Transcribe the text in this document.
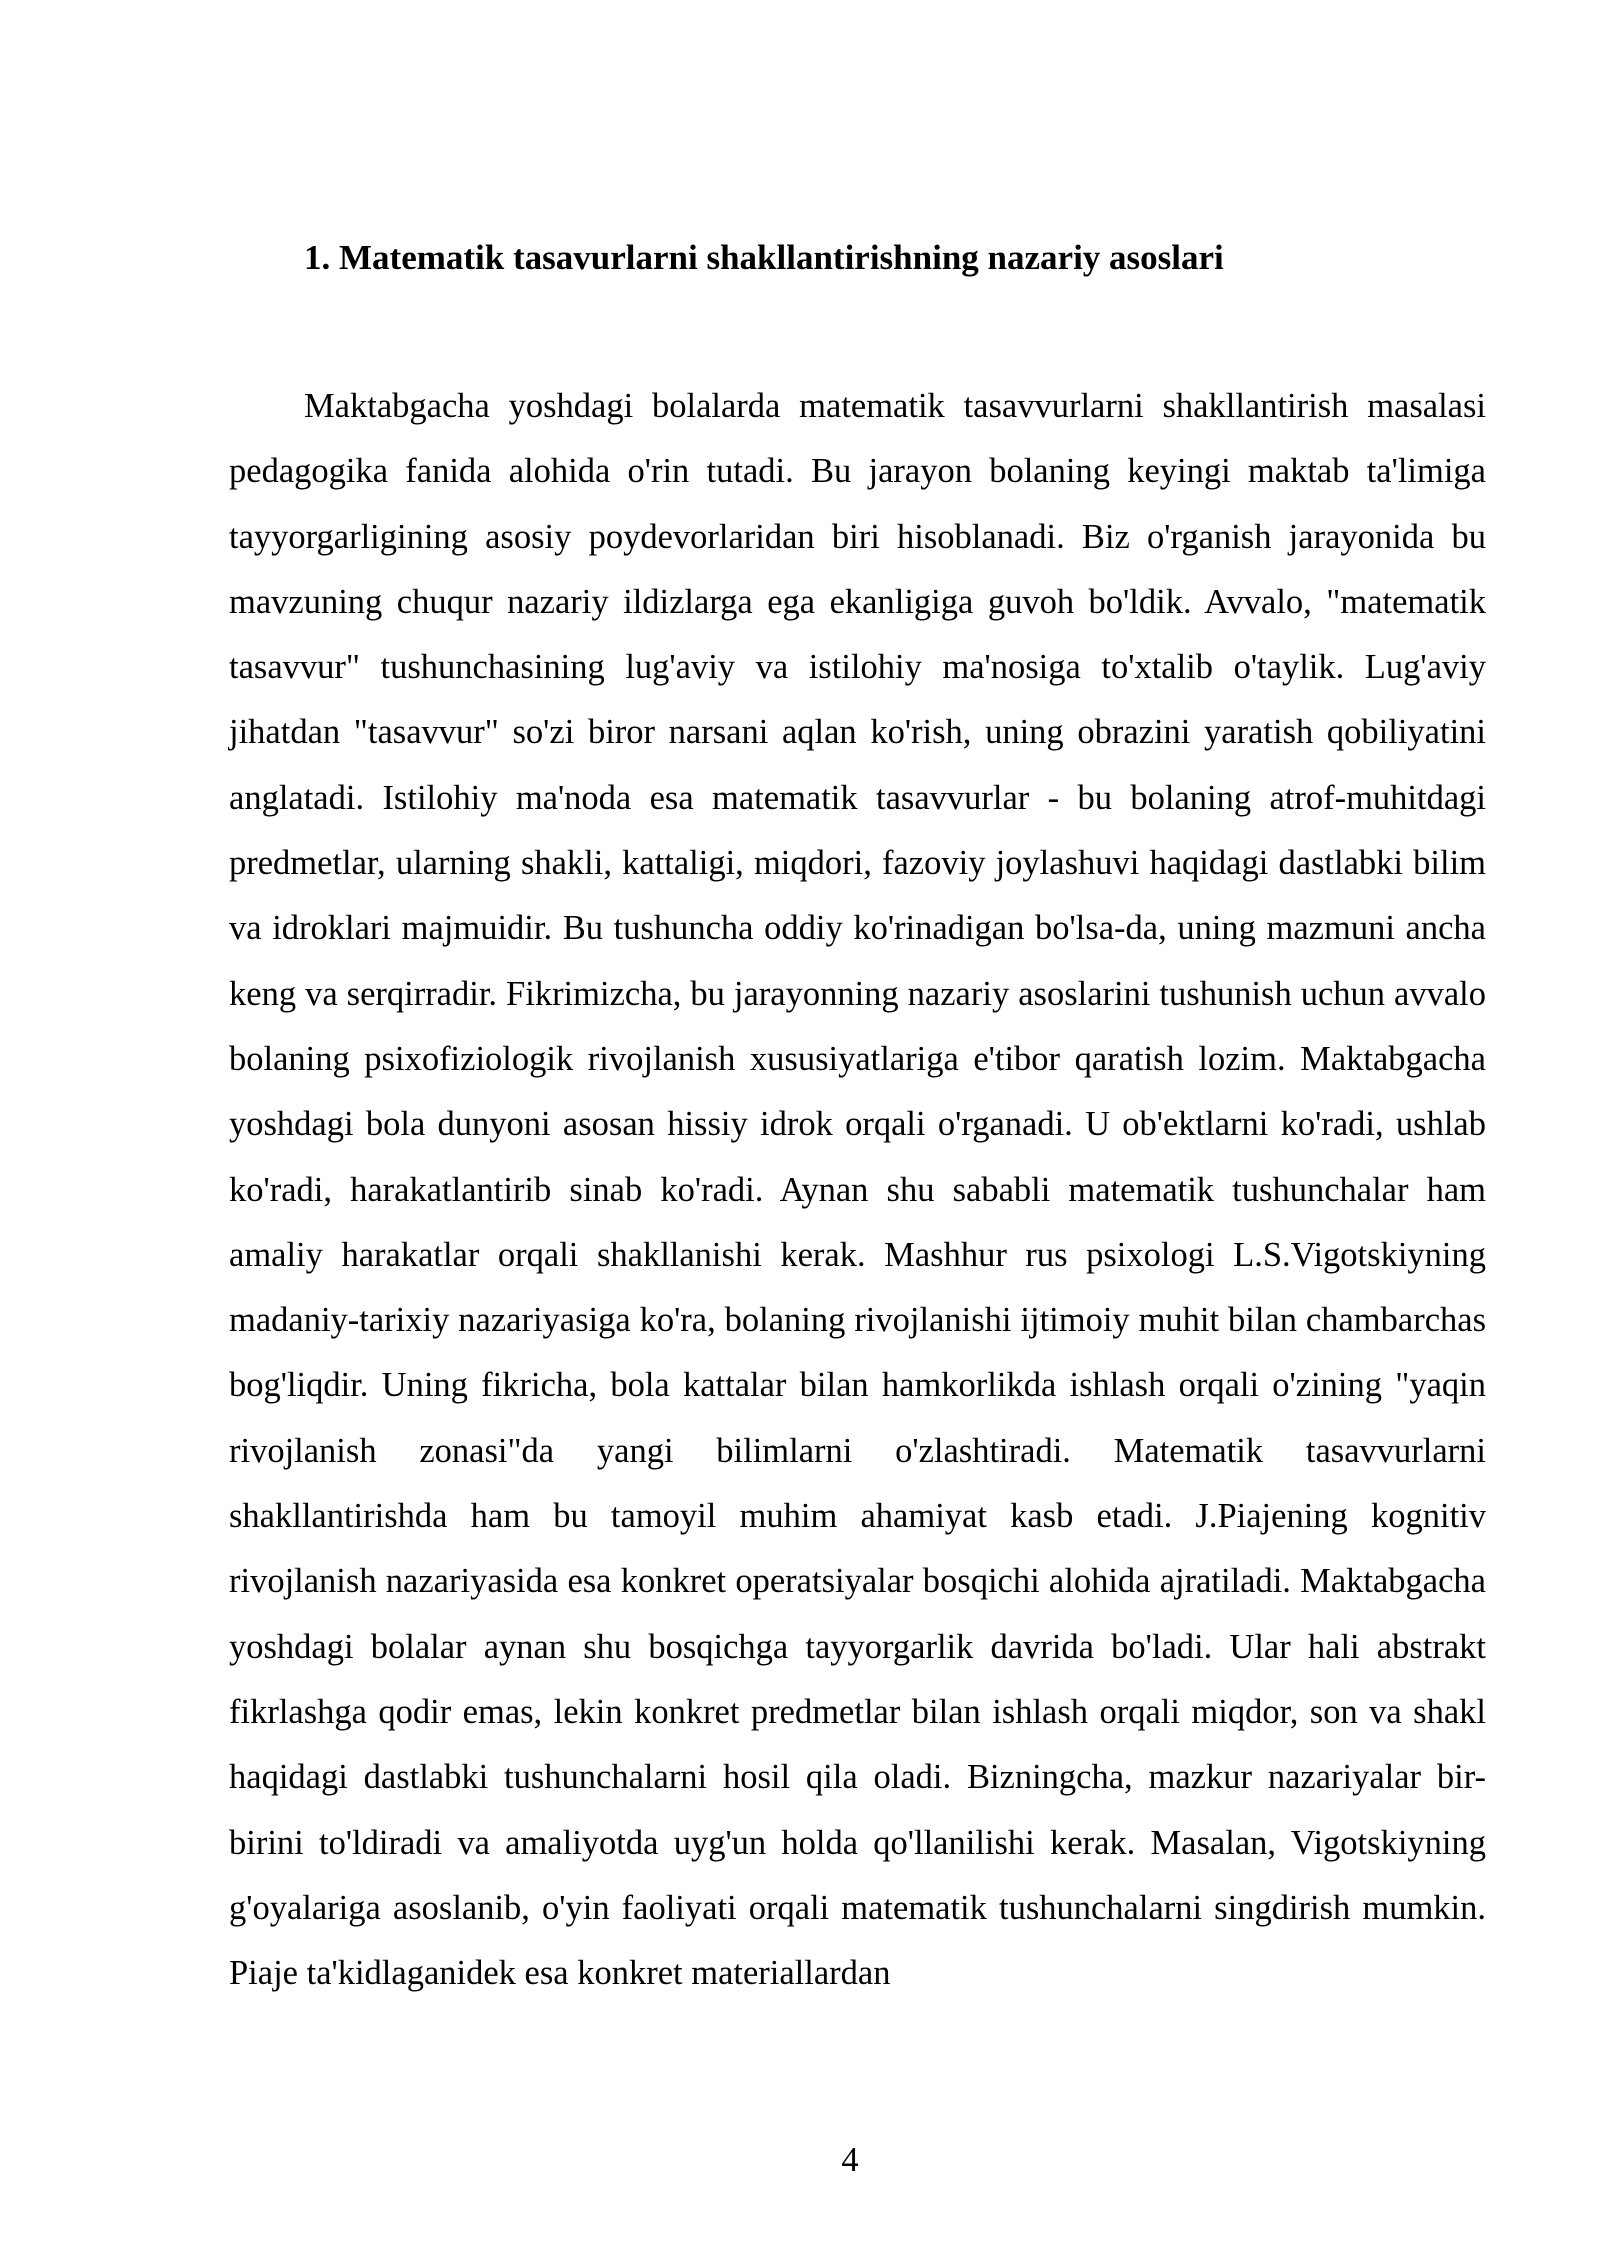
1. Matematik tasavurlarni shakllantirishning nazariy asoslari

Maktabgacha yoshdagi bolalarda matematik tasavvurlarni shakllantirish masalasi pedagogika fanida alohida o'rin tutadi. Bu jarayon bolaning keyingi maktab ta'limiga tayyorgarligining asosiy poydevorlaridan biri hisoblanadi. Biz o'rganish jarayonida bu mavzuning chuqur nazariy ildizlarga ega ekanligiga guvoh bo'ldik. Avvalo, "matematik tasavvur" tushunchasining lug'aviy va istilohiy ma'nosiga to'xtalib o'taylik. Lug'aviy jihatdan "tasavvur" so'zi biror narsani aqlan ko'rish, uning obrazini yaratish qobiliyatini anglatadi. Istilohiy ma'noda esa matematik tasavvurlar - bu bolaning atrof-muhitdagi predmetlar, ularning shakli, kattaligi, miqdori, fazoviy joylashuvi haqidagi dastlabki bilim va idroklari majmuidir. Bu tushuncha oddiy ko'rinadigan bo'lsa-da, uning mazmuni ancha keng va serqirradir. Fikrimizcha, bu jarayonning nazariy asoslarini tushunish uchun avvalo bolaning psixofiziologik rivojlanish xususiyatlariga e'tibor qaratish lozim. Maktabgacha yoshdagi bola dunyoni asosan hissiy idrok orqali o'rganadi. U ob'ektlarni ko'radi, ushlab ko'radi, harakatlantirib sinab ko'radi. Aynan shu sababli matematik tushunchalar ham amaliy harakatlar orqali shakllanishi kerak. Mashhur rus psixologi L.S.Vigotskiyning madaniy-tarixiy nazariyasiga ko'ra, bolaning rivojlanishi ijtimoiy muhit bilan chambarchas bog'liqdir. Uning fikricha, bola kattalar bilan hamkorlikda ishlash orqali o'zining "yaqin rivojlanish zonasi"da yangi bilimlarni o'zlashtiradi. Matematik tasavvurlarni shakllantirishda ham bu tamoyil muhim ahamiyat kasb etadi. J.Piajening kognitiv rivojlanish nazariyasida esa konkret operatsiyalar bosqichi alohida ajratiladi. Maktabgacha yoshdagi bolalar aynan shu bosqichga tayyorgarlik davrida bo'ladi. Ular hali abstrakt fikrlashga qodir emas, lekin konkret predmetlar bilan ishlash orqali miqdor, son va shakl haqidagi dastlabki tushunchalarni hosil qila oladi. Bizningcha, mazkur nazariyalar bir-birini to'ldiradi va amaliyotda uyg'un holda qo'llanilishi kerak. Masalan, Vigotskiyning g'oyalariga asoslanib, o'yin faoliyati orqali matematik tushunchalarni singdirish mumkin. Piaje ta'kidlaganidek esa konkret materiallardan

4
